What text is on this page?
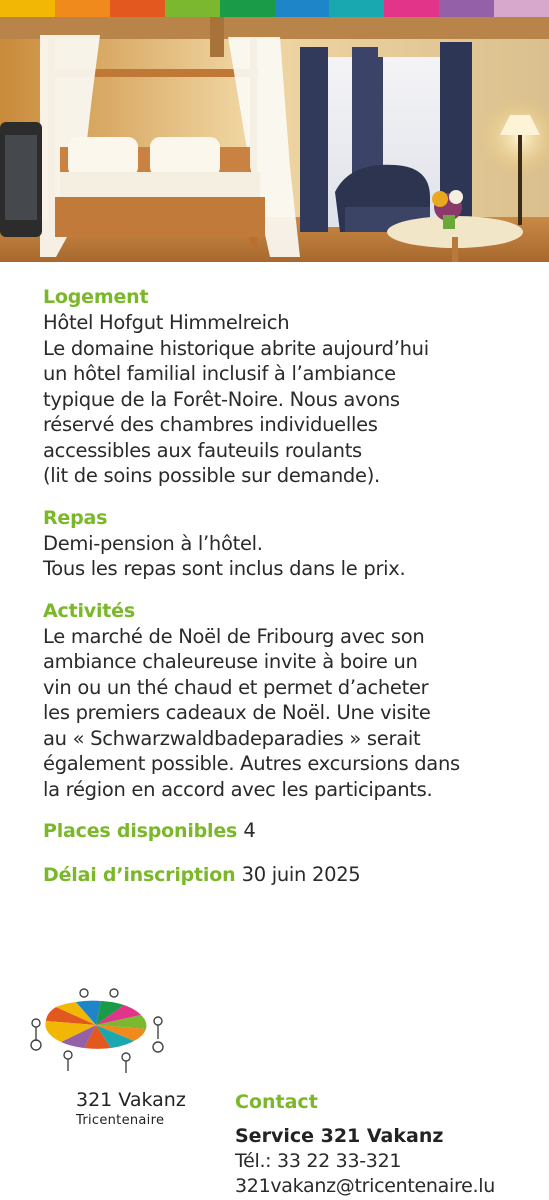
Logement
Hôtel Hofgut Himmelreich
Le domaine historique abrite aujourd’hui
un hôtel familial inclusif à l’ambiance
typique de la Forêt-Noire. Nous avons
réservé des chambres individuelles
accessibles aux fauteuils roulants
(lit de soins possible sur demande).
Repas
Demi-pension à l’hôtel.
Tous les repas sont inclus dans le prix.
Activités
Le marché de Noël de Fribourg avec son
ambiance chaleureuse invite à boire un
vin ou un thé chaud et permet d’acheter
les premiers cadeaux de Noël. Une visite
au « Schwarzwaldbadeparadies » serait
également possible. Autres excursions dans
la région en accord avec les participants.
Places disponibles 4
Délai d’inscription 30 juin 2025
321 Vakanz
Tricentenaire
Contact
Service 321 Vakanz
Tél.: 33 22 33-321
321vakanz@tricentenaire.lu
